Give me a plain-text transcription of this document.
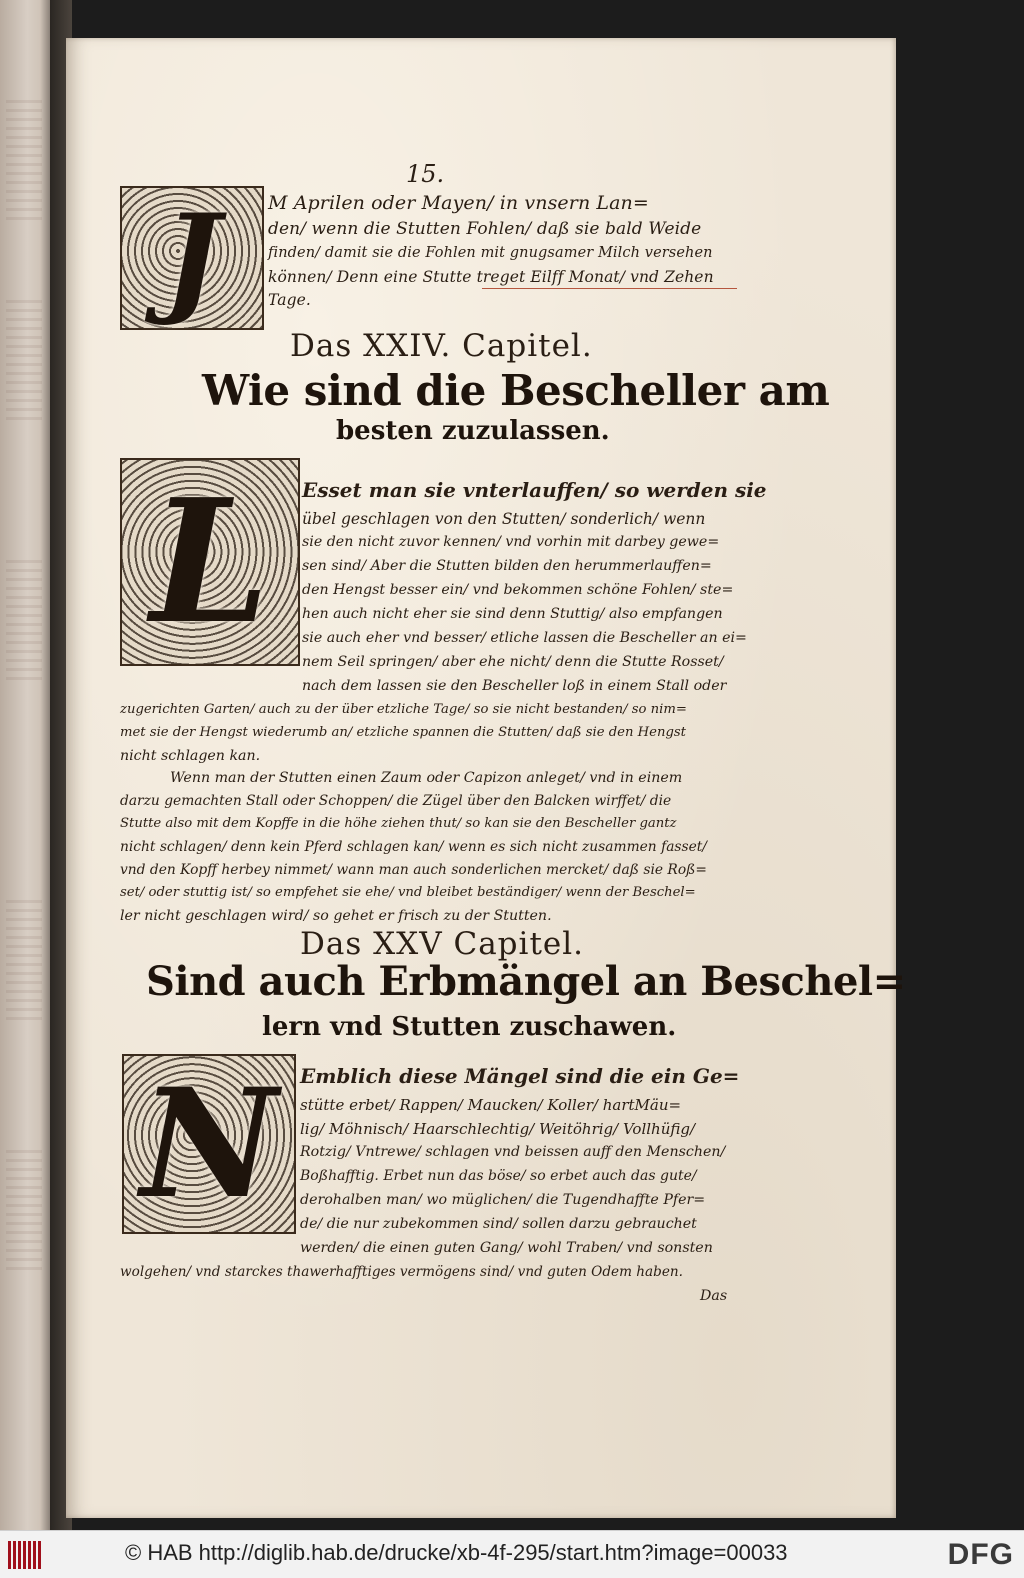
15.
J	M Aprilen oder Mayen/ in vnsern Lan=
den/ wenn die Stutten Fohlen/ daß sie bald Weide
finden/ damit sie die Fohlen mit gnugsamer Milch versehen
können/ Denn eine Stutte treget Eilff Monat/ vnd Zehen
Tage.
Das XXIV. Capitel.
Wie sind die Bescheller am
besten zuzulassen.
L	Esset man sie vnterlauffen/ so werden sie
übel geschlagen von den Stutten/ sonderlich/ wenn
sie den nicht zuvor kennen/ vnd vorhin mit darbey gewe=
sen sind/ Aber die Stutten bilden den herummerlauffen=
den Hengst besser ein/ vnd bekommen schöne Fohlen/ ste=
hen auch nicht eher sie sind denn Stuttig/ also empfangen
sie auch eher vnd besser/ etliche lassen die Bescheller an ei=
nem Seil springen/ aber ehe nicht/ denn die Stutte Rosset/
nach dem lassen sie den Bescheller loß in einem Stall oder
zugerichten Garten/ auch zu der über etzliche Tage/ so sie nicht bestanden/ so nim=
met sie der Hengst wiederumb an/ etzliche spannen die Stutten/ daß sie den Hengst
nicht schlagen kan.
Wenn man der Stutten einen Zaum oder Capizon anleget/ vnd in einem
darzu gemachten Stall oder Schoppen/ die Zügel über den Balcken wirffet/ die
Stutte also mit dem Kopffe in die höhe ziehen thut/ so kan sie den Bescheller gantz
nicht schlagen/ denn kein Pferd schlagen kan/ wenn es sich nicht zusammen fasset/
vnd den Kopff herbey nimmet/ wann man auch sonderlichen mercket/ daß sie Roß=
set/ oder stuttig ist/ so empfehet sie ehe/ vnd bleibet beständiger/ wenn der Beschel=
ler nicht geschlagen wird/ so gehet er frisch zu der Stutten.
Das XXV Capitel.
Sind auch Erbmängel an Beschel=
lern vnd Stutten zuschawen.
N	Emblich diese Mängel sind die ein Ge=
stütte erbet/ Rappen/ Maucken/ Koller/ hartMäu=
lig/ Möhnisch/ Haarschlechtig/ Weitöhrig/ Vollhüfig/
Rotzig/ Vntrewe/ schlagen vnd beissen auff den Menschen/
Boßhafftig. Erbet nun das böse/ so erbet auch das gute/
derohalben man/ wo müglichen/ die Tugendhaffte Pfer=
de/ die nur zubekommen sind/ sollen darzu gebrauchet
werden/ die einen guten Gang/ wohl Traben/ vnd sonsten
wolgehen/ vnd starckes thawerhafftiges vermögens sind/ vnd guten Odem haben.
Das
© HAB http://diglib.hab.de/drucke/xb-4f-295/start.htm?image=00033	DFG
